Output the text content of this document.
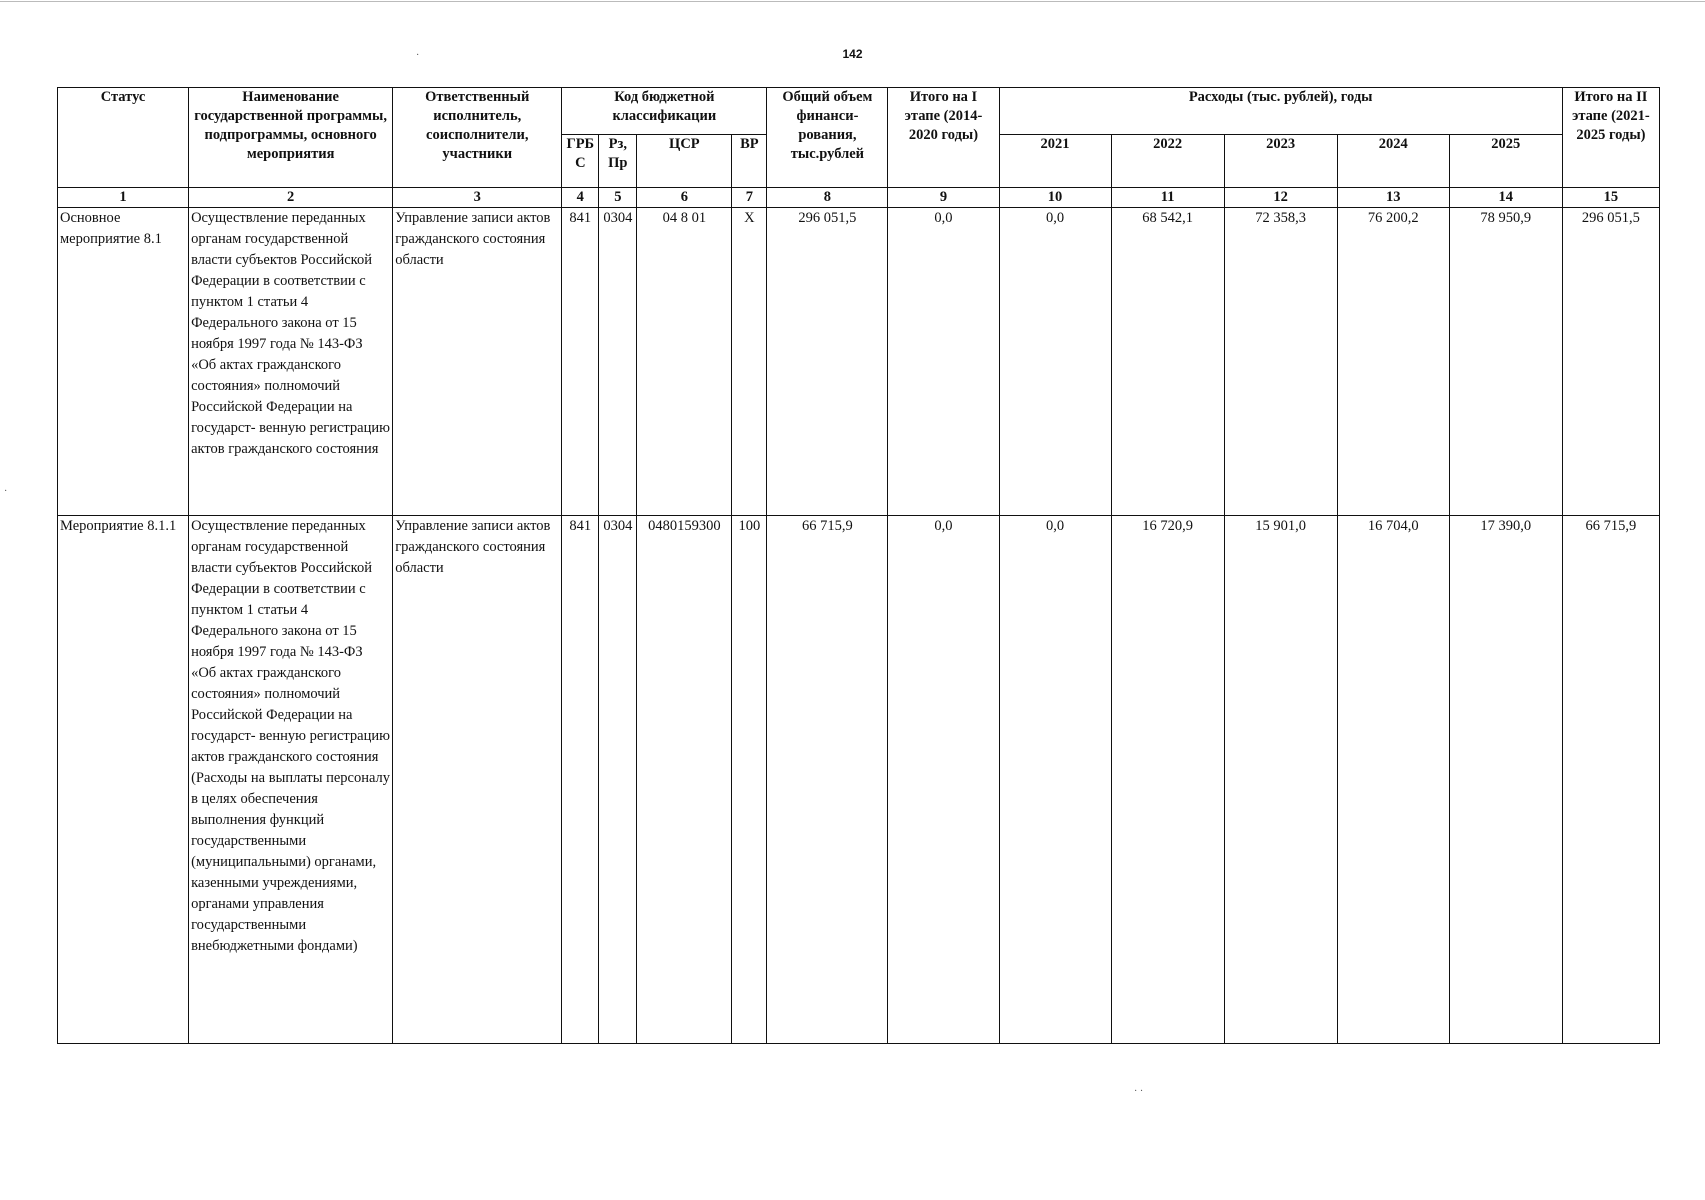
142
·
·
· ·
Статус	Наименование государственной программы, подпрограммы, основного мероприятия	Ответственный исполнитель, соисполнители, участники	Код бюджетной классификации				Общий объем финанси- рования, тыс.рублей	Итого на I этапе (2014-2020 годы)	Расходы (тыс. рублей), годы					Итого на II этапе (2021- 2025 годы)
			ГРБ С	Рз, Пр	ЦСР	ВР			2021	2022	2023	2024	2025	
1	2	3	4	5	6	7	8	9	10	11	12	13	14	15
Основное мероприятие 8.1	Осуществление переданных органам государственной власти субъектов Российской Федерации в соответствии с пунктом 1 статьи 4 Федерального закона от 15 ноября 1997 года № 143-ФЗ «Об актах гражданского состояния» полномочий Российской Федерации на государст- венную регистрацию актов гражданского состояния	Управление записи актов гражданского состояния области	841	0304	04 8 01	X	296 051,5	0,0	0,0	68 542,1	72 358,3	76 200,2	78 950,9	296 051,5
Мероприятие 8.1.1	Осуществление переданных органам государственной власти субъектов Российской Федерации в соответствии с пунктом 1 статьи 4 Федерального закона от 15 ноября 1997 года № 143-ФЗ «Об актах гражданского состояния» полномочий Российской Федерации на государст- венную регистрацию актов гражданского состояния (Расходы на выплаты персоналу в целях обеспечения выполнения функций государственными (муниципальными) органами, казенными учреждениями, органами управления государственными внебюджетными фондами)	Управление записи актов гражданского состояния области	841	0304	0480159300	100	66 715,9	0,0	0,0	16 720,9	15 901,0	16 704,0	17 390,0	66 715,9
